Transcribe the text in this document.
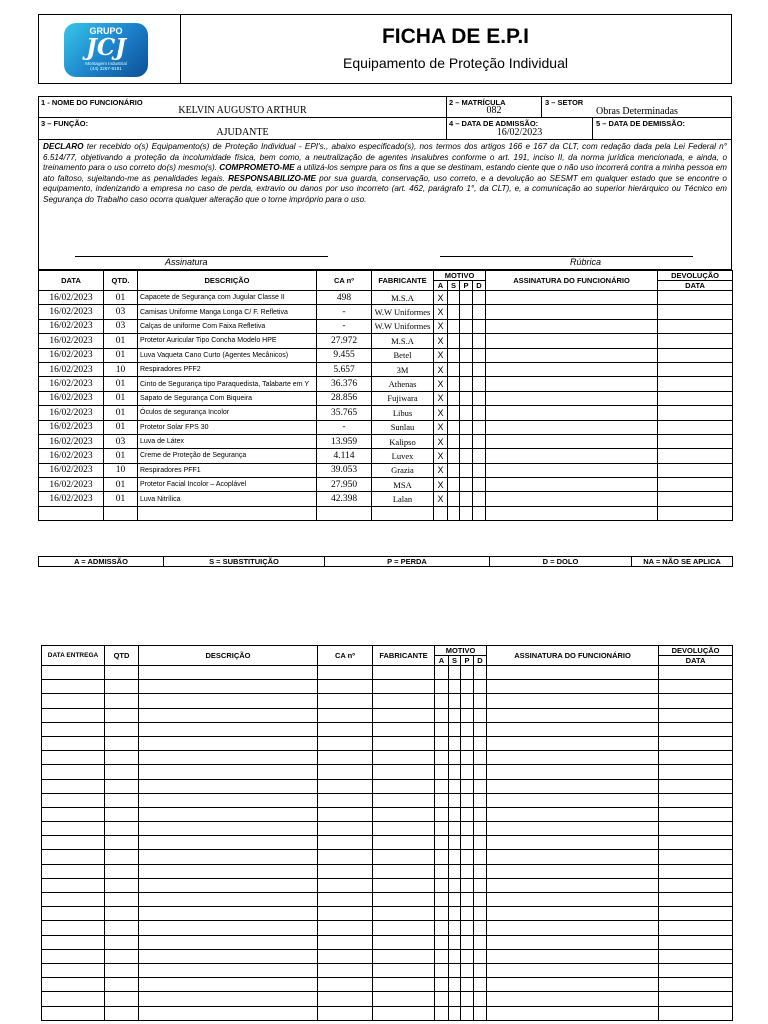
GRUPO
JCJ
Montagem Industrial
(44) 3267-9191
FICHA DE E.P.I
Equipamento de Proteção Individual
1 - NOME DO FUNCIONÁRIO
KELVIN AUGUSTO ARTHUR
2 – MATRÍCULA
082
3 – SETOR
Obras Determinadas
3 – FUNÇÃO:
AJUDANTE
4 – DATA DE ADMISSÃO:
16/02/2023
5 – DATA DE DEMISSÃO:
DECLARO ter recebido o(s) Equipamento(s) de Proteção Individual - EPI's., abaixo especificado(s), nos termos dos artigos 166 e 167 da CLT, com redação dada pela Lei Federal n° 6.514/77, objetivando a proteção da incolumidade física, bem como, a neutralização de agentes insalubres conforme o art. 191, inciso II, da norma jurídica mencionada, e ainda, o treinamento para o uso correto do(s) mesmo(s). COMPROMETO-ME a utilizá-los sempre para os fins a que se destinam, estando ciente que o não uso incorrerá contra a minha pessoa em ato faltoso, sujeitando-me as penalidades legais. RESPONSABILIZO-ME por sua guarda, conservação, uso correto, e a devolução ao SESMT em qualquer estado que se encontre o equipamento, indenizando a empresa no caso de perda, extravio ou danos por uso incorreto (art. 462, parágrafo 1°, da CLT), e, a comunicação ao superior hierárquico ou Técnico em Segurança do Trabalho caso ocorra qualquer alteração que o torne impróprio para o uso.
Assinatura	Rúbrica
DATA	QTD.	DESCRIÇÃO	CA nº	FABRICANTE	MOTIVO				ASSINATURA DO FUNCIONÁRIO	DEVOLUÇÃO
					A	S	P	D		DATA
16/02/2023	01	Capacete de Segurança com Jugular Classe II	498	M.S.A	X					
16/02/2023	03	Camisas Uniforme Manga Longa C/ F. Refletiva	-	W.W Uniformes	X					
16/02/2023	03	Calças de uniforme Com Faixa Refletiva	-	W.W Uniformes	X					
16/02/2023	01	Protetor Auricular Tipo Concha Modelo HPE	27.972	M.S.A	X					
16/02/2023	01	Luva Vaqueta Cano Curto (Agentes Mecânicos)	9.455	Betel	X					
16/02/2023	10	Respiradores PFF2	5.657	3M	X					
16/02/2023	01	Cinto de Segurança tipo Paraquedista, Talabarte em Y	36.376	Athenas	X					
16/02/2023	01	Sapato de Segurança Com Biqueira	28.856	Fujiwara	X					
16/02/2023	01	Óculos de segurança Incolor	35.765	Libus	X					
16/02/2023	01	Protetor Solar FPS 30	-	Sunlau	X					
16/02/2023	03	Luva de Látex	13.959	Kalipso	X					
16/02/2023	01	Creme de Proteção de Segurança	4.114	Luvex	X					
16/02/2023	10	Respiradores PFF1	39.053	Grazia	X					
16/02/2023	01	Protetor Facial Incolor – Acoplável	27.950	MSA	X					
16/02/2023	01	Luva Nitrílica	42.398	Lalan	X					

A = ADMISSÃO	S = SUBSTITUIÇÃO	P = PERDA	D = DOLO	NA = NÃO SE APLICA
DATA ENTREGA	QTD	DESCRIÇÃO	CA nº	FABRICANTE	MOTIVO				ASSINATURA DO FUNCIONÁRIO	DEVOLUÇÃO
					A	S	P	D		DATA
